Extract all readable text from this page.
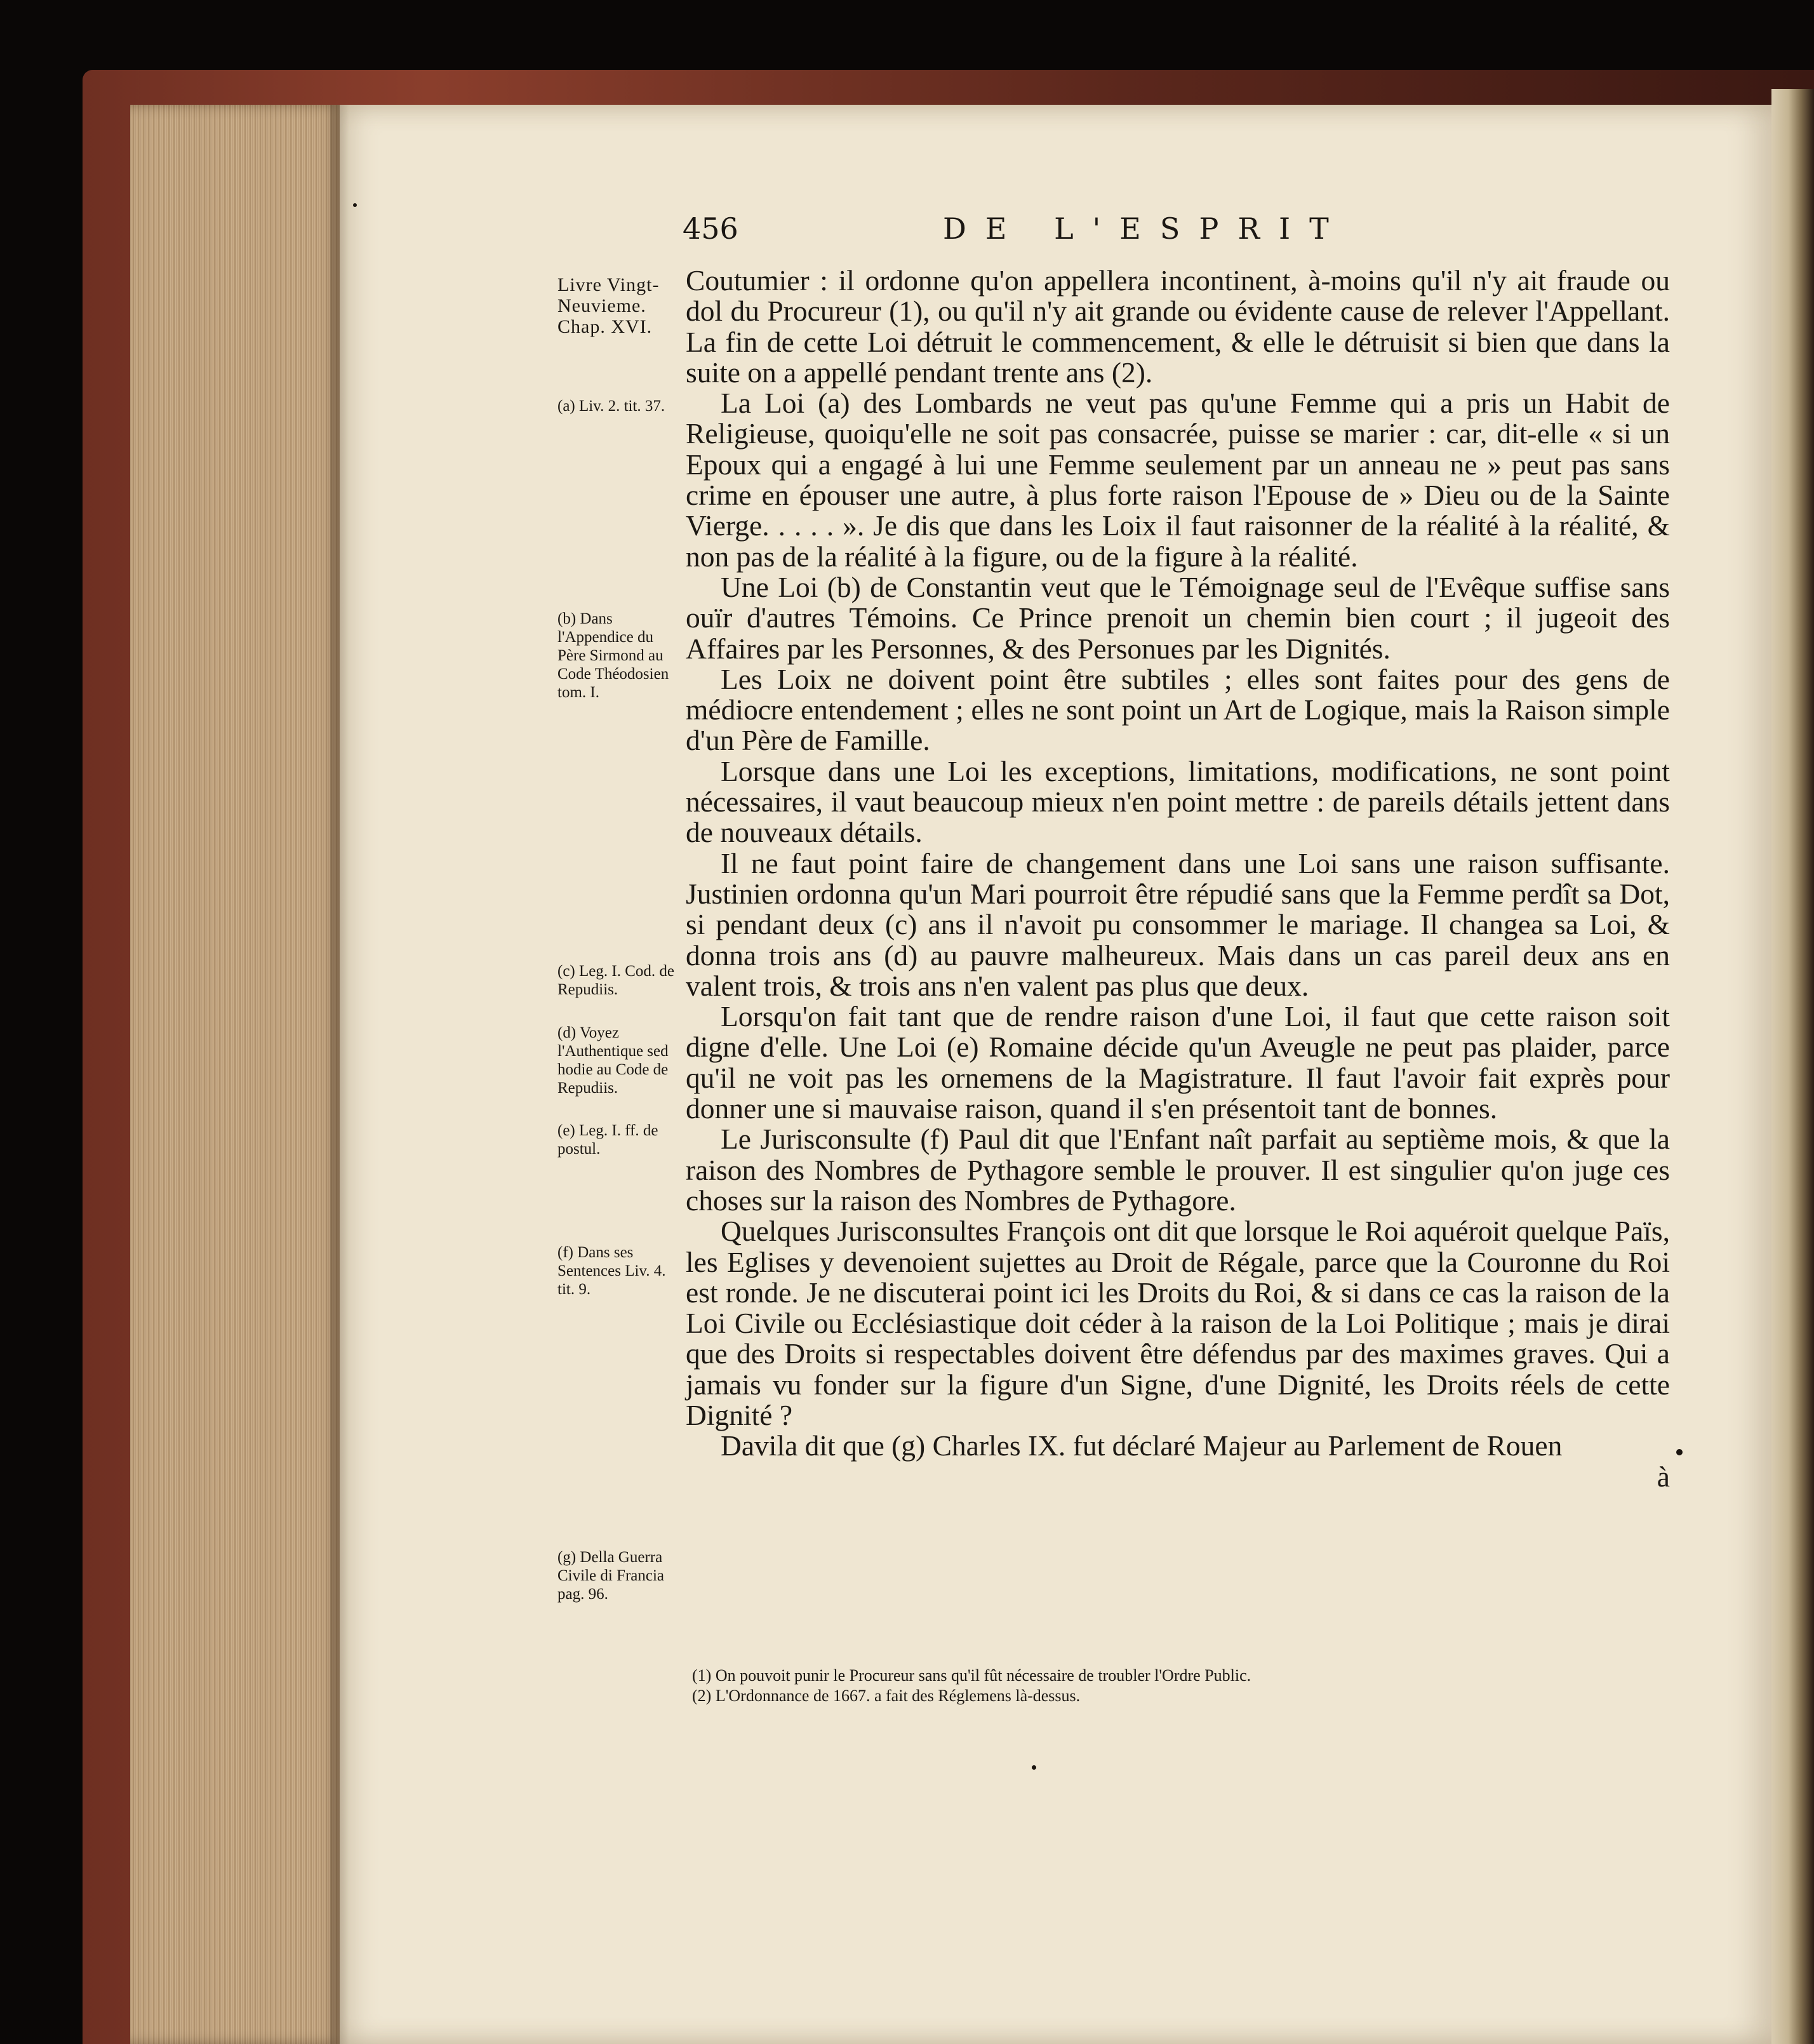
456	DE L'ESPRIT
Livre Vingt-Neuvieme. Chap. XVI.
(a) Liv. 2. tit. 37.
(b) Dans l'Appendice du Père Sirmond au Code Théodosien tom. I.
(c) Leg. I. Cod. de Repudiis.
(d) Voyez l'Authentique sed hodie au Code de Repudiis.
(e) Leg. I. ff. de postul.
(f) Dans ses Sentences Liv. 4. tit. 9.
(g) Della Guerra Civile di Francia pag. 96.

Coutumier : il ordonne qu'on appellera incontinent, à-moins qu'il n'y ait fraude ou dol du Procureur (1), ou qu'il n'y ait grande ou évidente cause de relever l'Appellant. La fin de cette Loi détruit le commencement, & elle le détruisit si bien que dans la suite on a appellé pendant trente ans (2).

La Loi (a) des Lombards ne veut pas qu'une Femme qui a pris un Habit de Religieuse, quoiqu'elle ne soit pas consacrée, puisse se marier : car, dit-elle « si un Epoux qui a engagé à lui une Femme seulement par un anneau ne » peut pas sans crime en épouser une autre, à plus forte raison l'Epouse de » Dieu ou de la Sainte Vierge. . . . . ». Je dis que dans les Loix il faut raisonner de la réalité à la réalité, & non pas de la réalité à la figure, ou de la figure à la réalité.

Une Loi (b) de Constantin veut que le Témoignage seul de l'Evêque suffise sans ouïr d'autres Témoins. Ce Prince prenoit un chemin bien court ; il jugeoit des Affaires par les Personnes, & des Personues par les Dignités.

Les Loix ne doivent point être subtiles ; elles sont faites pour des gens de médiocre entendement ; elles ne sont point un Art de Logique, mais la Raison simple d'un Père de Famille.

Lorsque dans une Loi les exceptions, limitations, modifications, ne sont point nécessaires, il vaut beaucoup mieux n'en point mettre : de pareils détails jettent dans de nouveaux détails.

Il ne faut point faire de changement dans une Loi sans une raison suffisante. Justinien ordonna qu'un Mari pourroit être répudié sans que la Femme perdît sa Dot, si pendant deux (c) ans il n'avoit pu consommer le mariage. Il changea sa Loi, & donna trois ans (d) au pauvre malheureux. Mais dans un cas pareil deux ans en valent trois, & trois ans n'en valent pas plus que deux.

Lorsqu'on fait tant que de rendre raison d'une Loi, il faut que cette raison soit digne d'elle. Une Loi (e) Romaine décide qu'un Aveugle ne peut pas plaider, parce qu'il ne voit pas les ornemens de la Magistrature. Il faut l'avoir fait exprès pour donner une si mauvaise raison, quand il s'en présentoit tant de bonnes.

Le Jurisconsulte (f) Paul dit que l'Enfant naît parfait au septième mois, & que la raison des Nombres de Pythagore semble le prouver. Il est singulier qu'on juge ces choses sur la raison des Nombres de Pythagore.

Quelques Jurisconsultes François ont dit que lorsque le Roi aquéroit quelque Païs, les Eglises y devenoient sujettes au Droit de Régale, parce que la Couronne du Roi est ronde. Je ne discuterai point ici les Droits du Roi, & si dans ce cas la raison de la Loi Civile ou Ecclésiastique doit céder à la raison de la Loi Politique ; mais je dirai que des Droits si respectables doivent être défendus par des maximes graves. Qui a jamais vu fonder sur la figure d'un Signe, d'une Dignité, les Droits réels de cette Dignité ?

Davila dit que (g) Charles IX. fut déclaré Majeur au Parlement de Rouen

à

(1) On pouvoit punir le Procureur sans qu'il fût nécessaire de troubler l'Ordre Public.

(2) L'Ordonnance de 1667. a fait des Réglemens là-dessus.
